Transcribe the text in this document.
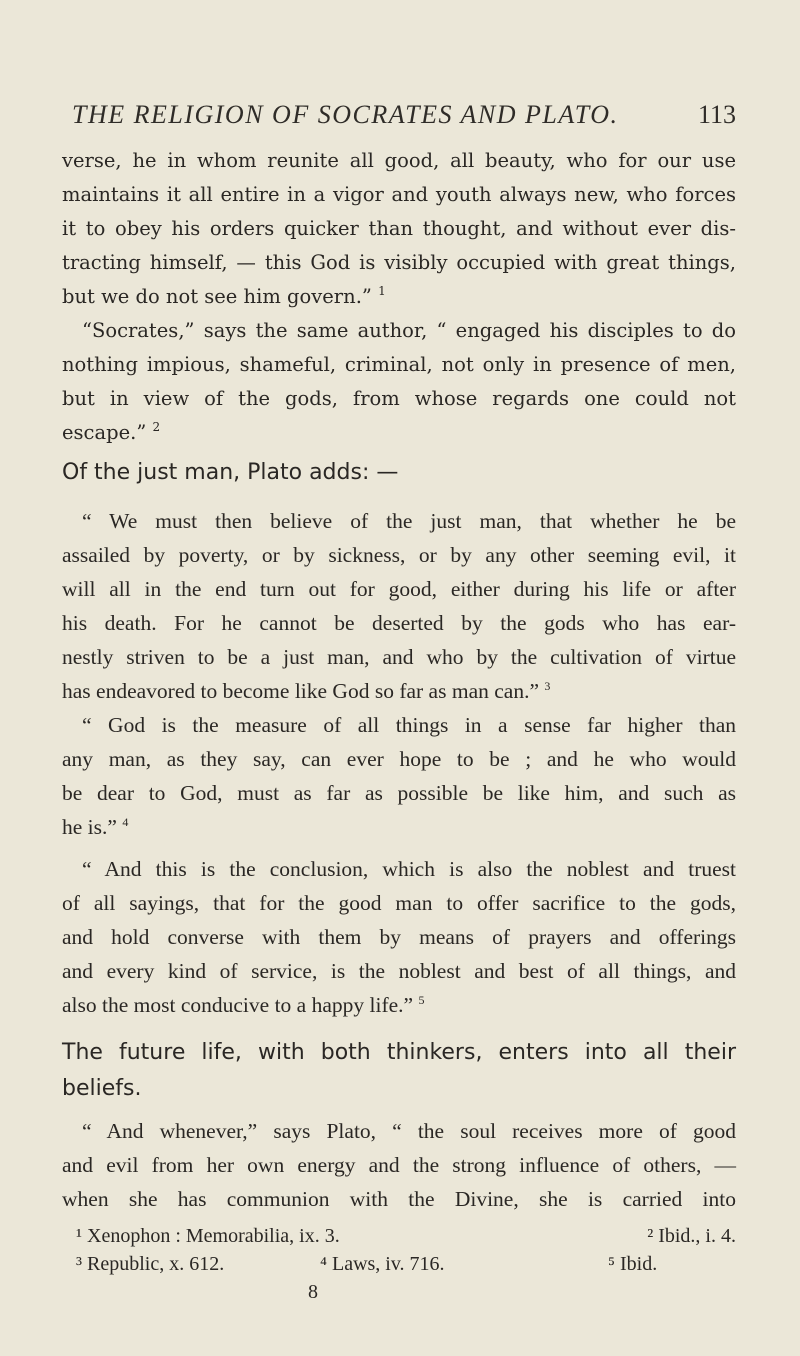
THE RELIGION OF SOCRATES AND PLATO.	113
verse, he in whom reunite all good, all beauty, who for our use
maintains it all entire in a vigor and youth always new, who forces
it to obey his orders quicker than thought, and without ever dis-
tracting himself, — this God is visibly occupied with great things,
but we do not see him govern.” $^1$
“Socrates,” says the same author, “ engaged his disciples to do
nothing impious, shameful, criminal, not only in presence of men,
but in view of the gods, from whose regards one could not
escape.” $^2$
Of the just man, Plato adds: —
“ We must then believe of the just man, that whether he be
assailed by poverty, or by sickness, or by any other seeming evil, it
will all in the end turn out for good, either during his life or after
his death. For he cannot be deserted by the gods who has ear-
nestly striven to be a just man, and who by the cultivation of virtue
has endeavored to become like God so far as man can.” $^3$
“ God is the measure of all things in a sense far higher than
any man, as they say, can ever hope to be ; and he who would
be dear to God, must as far as possible be like him, and such as
he is.” $^4$
“ And this is the conclusion, which is also the noblest and truest
of all sayings, that for the good man to offer sacrifice to the gods,
and hold converse with them by means of prayers and offerings
and every kind of service, is the noblest and best of all things, and
also the most conducive to a happy life.” $^5$
The future life, with both thinkers, enters into all their
beliefs.
“ And whenever,” says Plato, “ the soul receives more of good
and evil from her own energy and the strong influence of others, —
when she has communion with the Divine, she is carried into
¹ Xenophon : Memorabilia, ix. 3.	² Ibid., i. 4.
³ Republic, x. 612.	⁴ Laws, iv. 716.	⁵ Ibid.
8
